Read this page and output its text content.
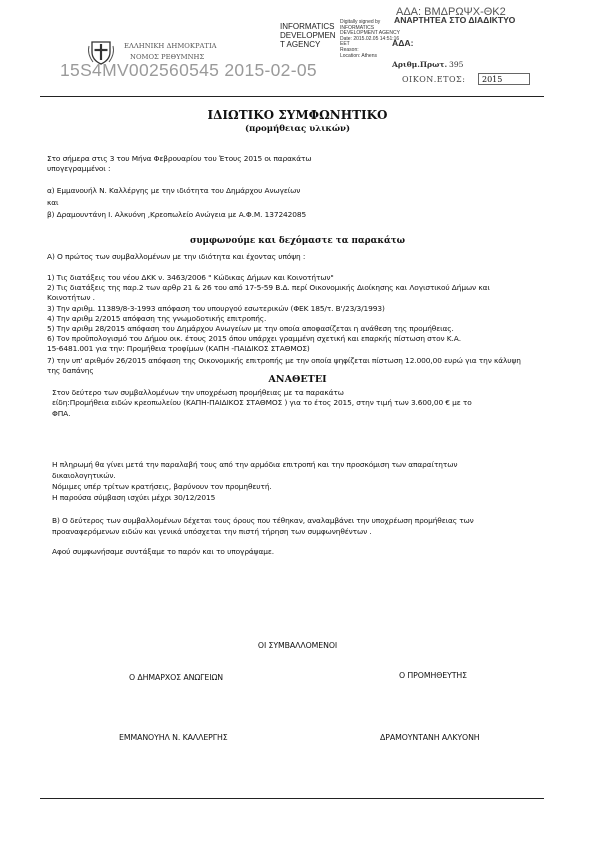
ΕΛΛΗΝΙΚΗ ΔΗΜΟΚΡΑΤΙΑ
ΝΟΜΟΣ ΡΕΘΥΜΝΗΣ
15S4MV002560545 2015-02-05
INFORMATICS
DEVELOPMEN
T AGENCY
Digitally signed by
INFORMATICS
DEVELOPMENT AGENCY
Date: 2015.02.05 14:51:16
EET
Reason:
Location: Athens
ΑΔΑ: ΒΜΔΡΩΨΧ-ΘΚ2
ΑΝΑΡΤΗΤΕΑ ΣΤΟ ΔΙΑΔΙΚΤΥΟ
ΑΔΑ:
Αριθμ.Πρωτ. 395
ΟΙΚΟΝ.ΕΤΟΣ:	2015
ΙΔΙΩΤΙΚΟ ΣΥΜΦΩΝΗΤΙΚΟ
(προμήθειας υλικών)
Στο σήμερα στις 3 του Μήνα Φεβρουαρίου του Έτους 2015 οι παρακάτω
υπογεγραμμένοι :
α) Εμμανουήλ Ν. Καλλέργης με την ιδιότητα του Δημάρχου Ανωγείων
και
β) Δραμουντάνη Ι. Αλκυόνη ,Κρεοπωλείο Ανώγεια με Α.Φ.Μ. 137242085
συμφωνούμε και δεχόμαστε τα παρακάτω
Α) Ο πρώτος των συμβαλλομένων με την ιδιότητα και έχοντας υπόψη :
1) Τις διατάξεις του νέου ΔΚΚ ν. 3463/2006 " Κώδικας Δήμων και Κοινοτήτων"
2) Τις διατάξεις της παρ.2 των αρθρ 21 & 26 του από 17-5-59 Β.Δ. περί Οικονομικής Διοίκησης και Λογιστικού Δήμων και
Κοινοτήτων .
3) Την αριθμ. 11389/8-3-1993 απόφαση του υπουργού εσωτερικών (ΦΕΚ 185/τ. Β'/23/3/1993)
4) Την αριθμ 2/2015 απόφαση της γνωμοδοτικής επιτροπής.
5) Την αριθμ 28/2015 απόφαση του Δημάρχου Ανωγείων με την οποία αποφασίζεται η ανάθεση της προμήθειας.
6) Τον προϋπολογισμό του Δήμου οικ. έτους 2015 όπου υπάρχει γραμμένη σχετική και επαρκής πίστωση στον Κ.Α.
15-6481.001 για την: Προμήθεια τροφίμων (ΚΑΠΗ -ΠΑΙΔΙΚΟΣ ΣΤΑΘΜΟΣ)
7) την υπ' αριθμόν 26/2015 απόφαση της Οικονομικής επιτροπής με την οποία ψηφίζεται πίστωση 12.000,00 ευρώ για την κάλυψη
της δαπάνης
ΑΝΑΘΕΤΕΙ
Στον δεύτερο των συμβαλλομένων την υποχρέωση προμήθειας με τα παρακάτω
είδη:Προμήθεια ειδών κρεοπωλείου (ΚΑΠΗ-ΠΑΙΔΙΚΟΣ ΣΤΑΘΜΟΣ ) για το έτος 2015, στην τιμή των 3.600,00 € με το
ΦΠΑ.
Η πληρωμή θα γίνει μετά την παραλαβή τους από την αρμόδια επιτροπή και την προσκόμιση των απαραίτητων
δικαιολογητικών.
Νόμιμες υπέρ τρίτων κρατήσεις, βαρύνουν τον προμηθευτή.
Η παρούσα σύμβαση ισχύει μέχρι 30/12/2015
Β) Ο δεύτερος των συμβαλλομένων δέχεται τους όρους που τέθηκαν, αναλαμβάνει την υποχρέωση προμήθειας των
προαναφερόμενων ειδών και γενικά υπόσχεται την πιστή τήρηση των συμφωνηθέντων .
Αφού συμφωνήσαμε συντάξαμε το παρόν και το υπογράψαμε.
ΟΙ ΣΥΜΒΑΛΛΟΜΕΝΟΙ
Ο ΔΗΜΑΡΧΟΣ ΑΝΩΓΕΙΩΝ	Ο ΠΡΟΜΗΘΕΥΤΗΣ
ΕΜΜΑΝΟΥΗΛ Ν. ΚΑΛΛΕΡΓΗΣ	ΔΡΑΜΟΥΝΤΑΝΗ ΑΛΚΥΟΝΗ
